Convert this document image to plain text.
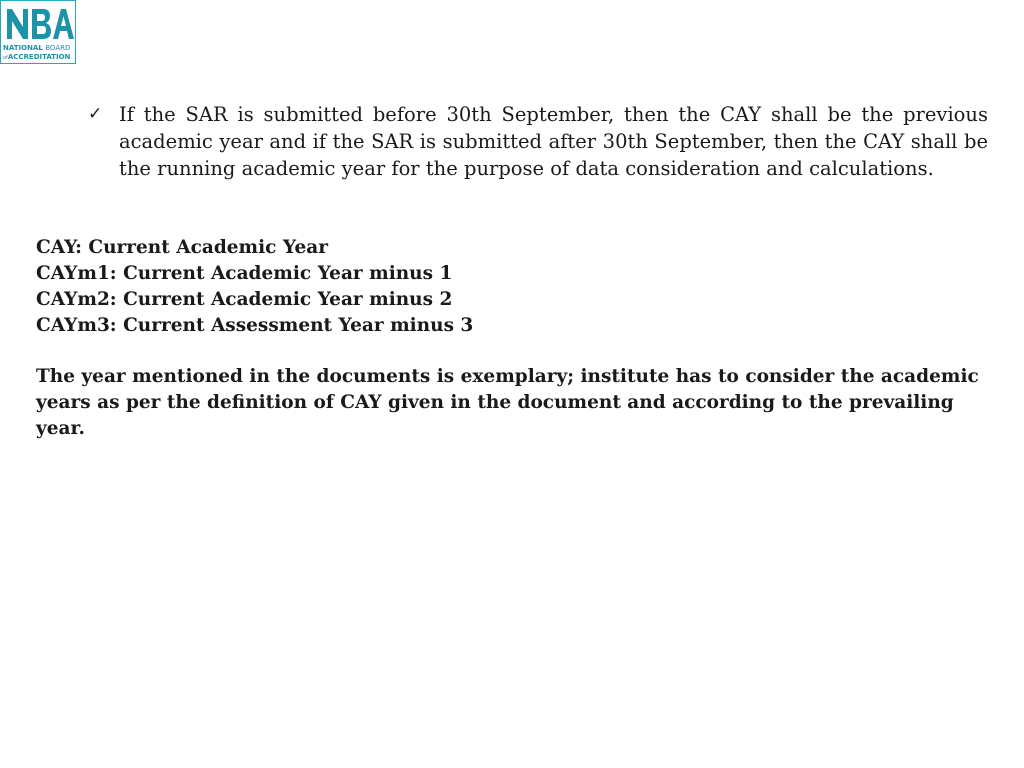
NATIONAL BOARD
ofACCREDITATION
✓ If the SAR is submitted before 30th September, then the CAY shall be the previous academic year and if the SAR is submitted after 30th September, then the CAY shall be the running academic year for the purpose of data consideration and calculations.
CAY: Current Academic Year
CAYm1: Current Academic Year minus 1
CAYm2: Current Academic Year minus 2
CAYm3: Current Assessment Year minus 3
The year mentioned in the documents is exemplary; institute has to consider the academic years as per the definition of CAY given in the document and according to the prevailing year.
